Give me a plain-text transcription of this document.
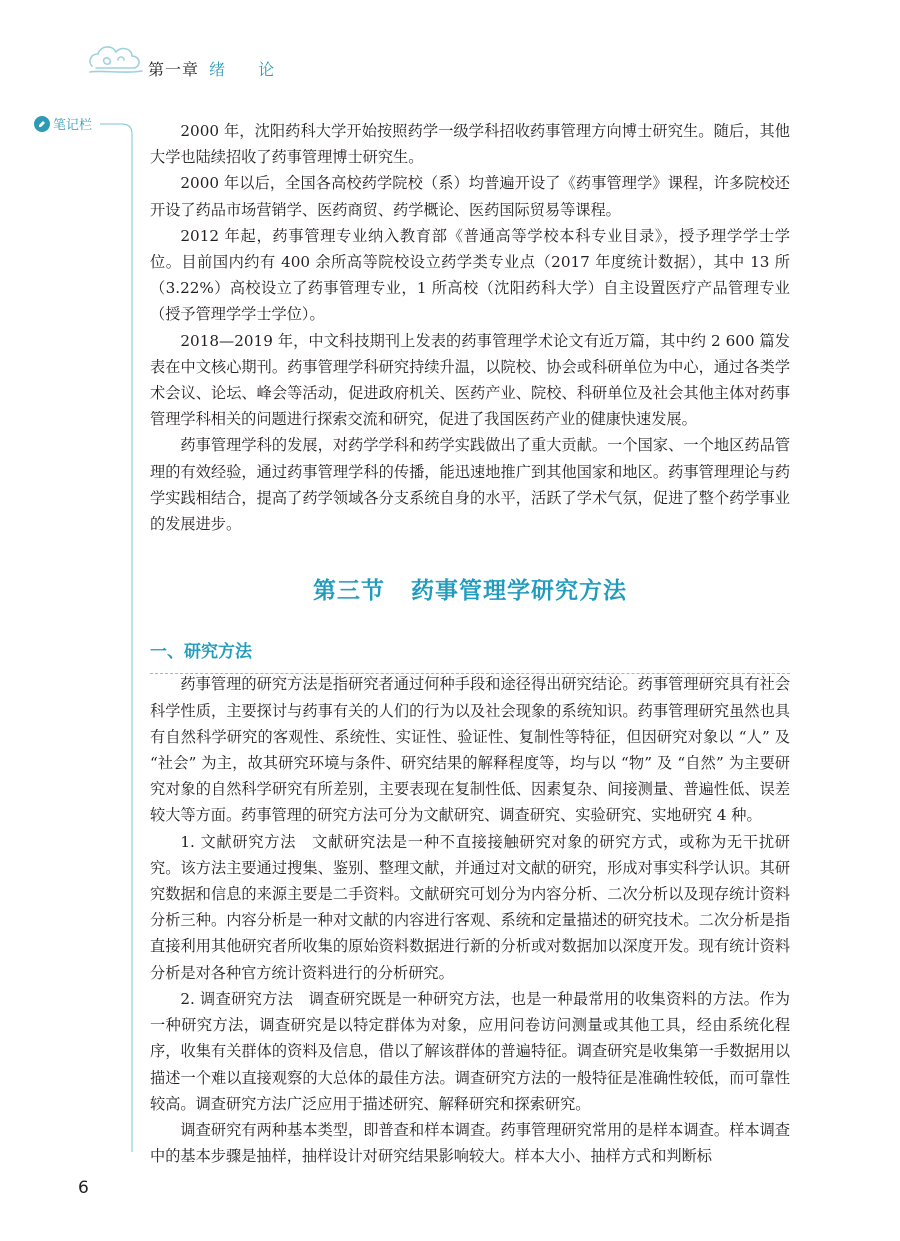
第一章 绪 论
笔记栏	2000 年，沈阳药科大学开始按照药学一级学科招收药事管理方向博士研究生。随后，其他大学也陆续招收了药事管理博士研究生。

2000 年以后，全国各高校药学院校（系）均普遍开设了《药事管理学》课程，许多院校还开设了药品市场营销学、医药商贸、药学概论、医药国际贸易等课程。

2012 年起，药事管理专业纳入教育部《普通高等学校本科专业目录》，授予理学学士学位。目前国内约有 400 余所高等院校设立药学类专业点（2017 年度统计数据），其中 13 所（3.22%）高校设立了药事管理专业，1 所高校（沈阳药科大学）自主设置医疗产品管理专业（授予管理学学士学位）。

2018—2019 年，中文科技期刊上发表的药事管理学术论文有近万篇，其中约 2 600 篇发表在中文核心期刊。药事管理学科研究持续升温，以院校、协会或科研单位为中心，通过各类学术会议、论坛、峰会等活动，促进政府机关、医药产业、院校、科研单位及社会其他主体对药事管理学科相关的问题进行探索交流和研究，促进了我国医药产业的健康快速发展。

药事管理学科的发展，对药学学科和药学实践做出了重大贡献。一个国家、一个地区药品管理的有效经验，通过药事管理学科的传播，能迅速地推广到其他国家和地区。药事管理理论与药学实践相结合，提高了药学领域各分支系统自身的水平，活跃了学术气氛，促进了整个药学事业的发展进步。

第三节 药事管理学研究方法
一、研究方法

药事管理的研究方法是指研究者通过何种手段和途径得出研究结论。药事管理研究具有社会科学性质，主要探讨与药事有关的人们的行为以及社会现象的系统知识。药事管理研究虽然也具有自然科学研究的客观性、系统性、实证性、验证性、复制性等特征，但因研究对象以 “人” 及 “社会” 为主，故其研究环境与条件、研究结果的解释程度等，均与以 “物” 及 “自然” 为主要研究对象的自然科学研究有所差别，主要表现在复制性低、因素复杂、间接测量、普遍性低、误差较大等方面。药事管理的研究方法可分为文献研究、调查研究、实验研究、实地研究 4 种。

1. 文献研究方法　文献研究法是一种不直接接触研究对象的研究方式，或称为无干扰研究。该方法主要通过搜集、鉴别、整理文献，并通过对文献的研究，形成对事实科学认识。其研究数据和信息的来源主要是二手资料。文献研究可划分为内容分析、二次分析以及现存统计资料分析三种。内容分析是一种对文献的内容进行客观、系统和定量描述的研究技术。二次分析是指直接利用其他研究者所收集的原始资料数据进行新的分析或对数据加以深度开发。现有统计资料分析是对各种官方统计资料进行的分析研究。

2. 调查研究方法　调查研究既是一种研究方法，也是一种最常用的收集资料的方法。作为一种研究方法，调查研究是以特定群体为对象，应用问卷访问测量或其他工具，经由系统化程序，收集有关群体的资料及信息，借以了解该群体的普遍特征。调查研究是收集第一手数据用以描述一个难以直接观察的大总体的最佳方法。调查研究方法的一般特征是准确性较低，而可靠性较高。调查研究方法广泛应用于描述研究、解释研究和探索研究。

调查研究有两种基本类型，即普查和样本调查。药事管理研究常用的是样本调查。样本调查中的基本步骤是抽样，抽样设计对研究结果影响较大。样本大小、抽样方式和判断标

6
